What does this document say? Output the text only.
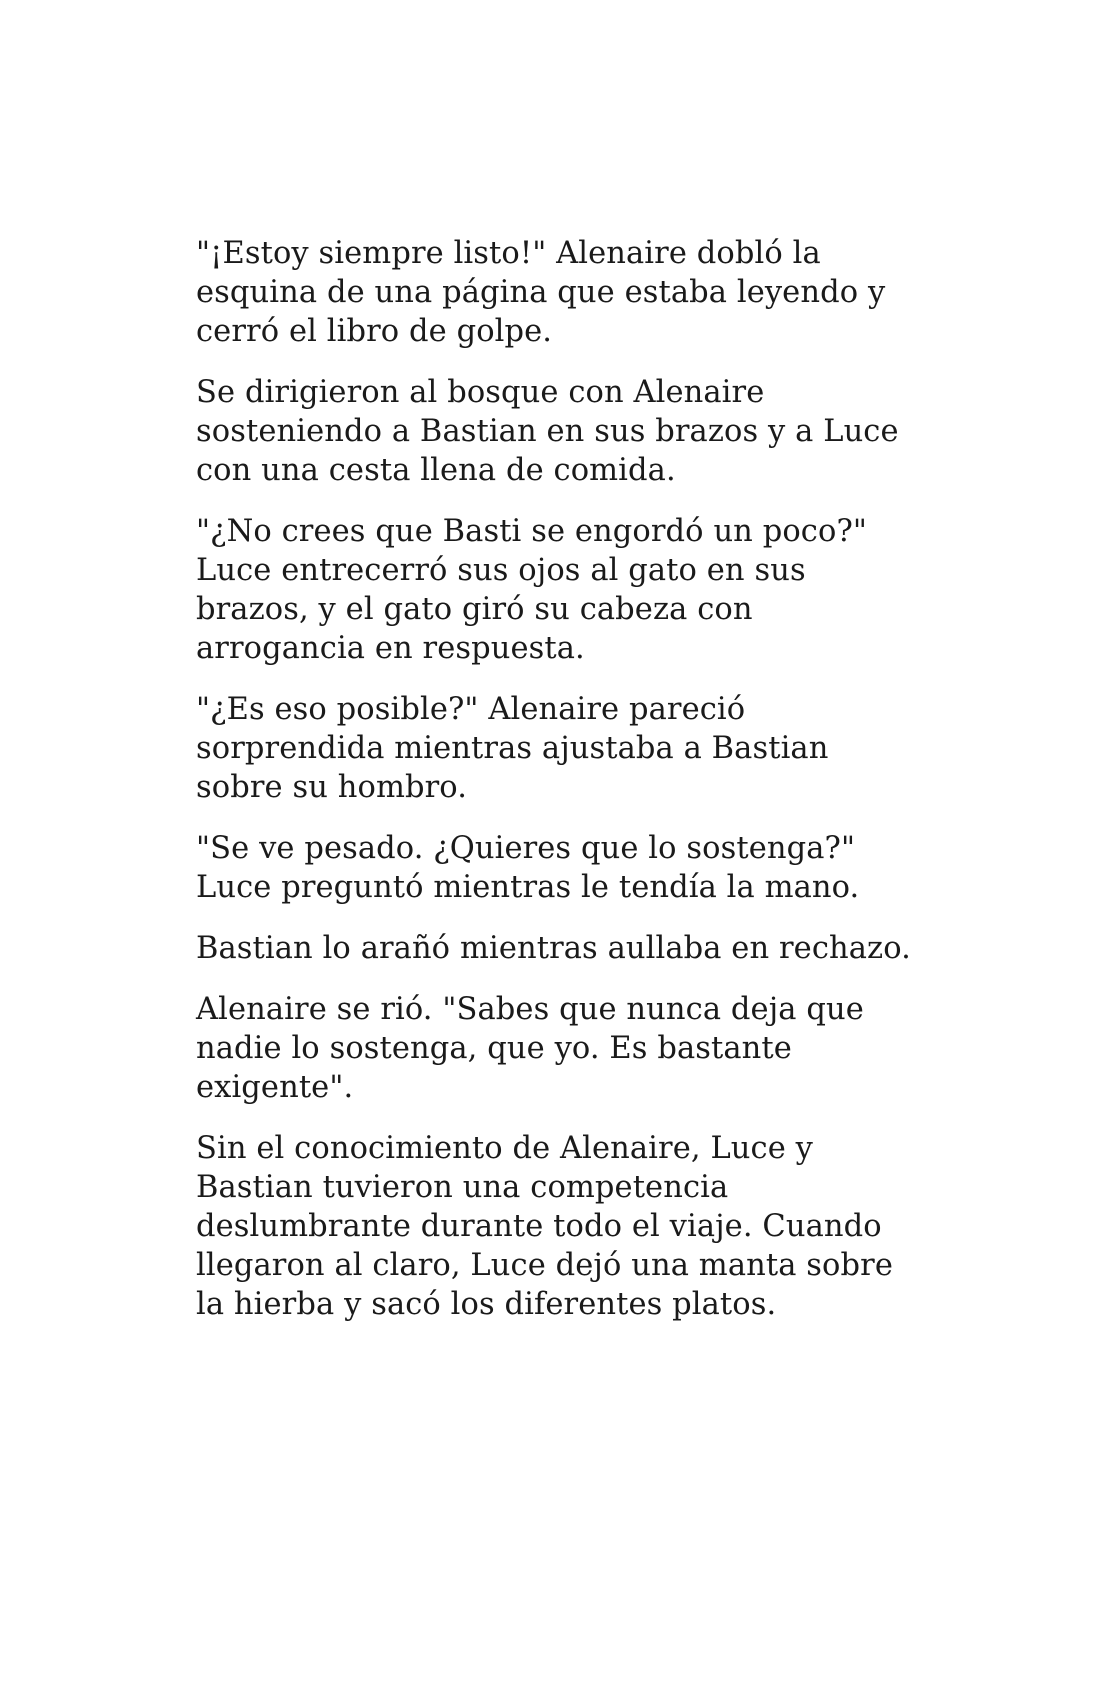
"¡Estoy siempre listo!" Alenaire dobló la esquina de una página que estaba leyendo y cerró el libro de golpe.

Se dirigieron al bosque con Alenaire sosteniendo a Bastian en sus brazos y a Luce con una cesta llena de comida.

"¿No crees que Basti se engordó un poco?" Luce entrecerró sus ojos al gato en sus brazos, y el gato giró su cabeza con arrogancia en respuesta.

"¿Es eso posible?" Alenaire pareció sorprendida mientras ajustaba a Bastian sobre su hombro.

"Se ve pesado. ¿Quieres que lo sostenga?" Luce preguntó mientras le tendía la mano.

Bastian lo arañó mientras aullaba en rechazo.

Alenaire se rió. "Sabes que nunca deja que nadie lo sostenga, que yo. Es bastante exigente".

Sin el conocimiento de Alenaire, Luce y Bastian tuvieron una competencia deslumbrante durante todo el viaje. Cuando llegaron al claro, Luce dejó una manta sobre la hierba y sacó los diferentes platos.
